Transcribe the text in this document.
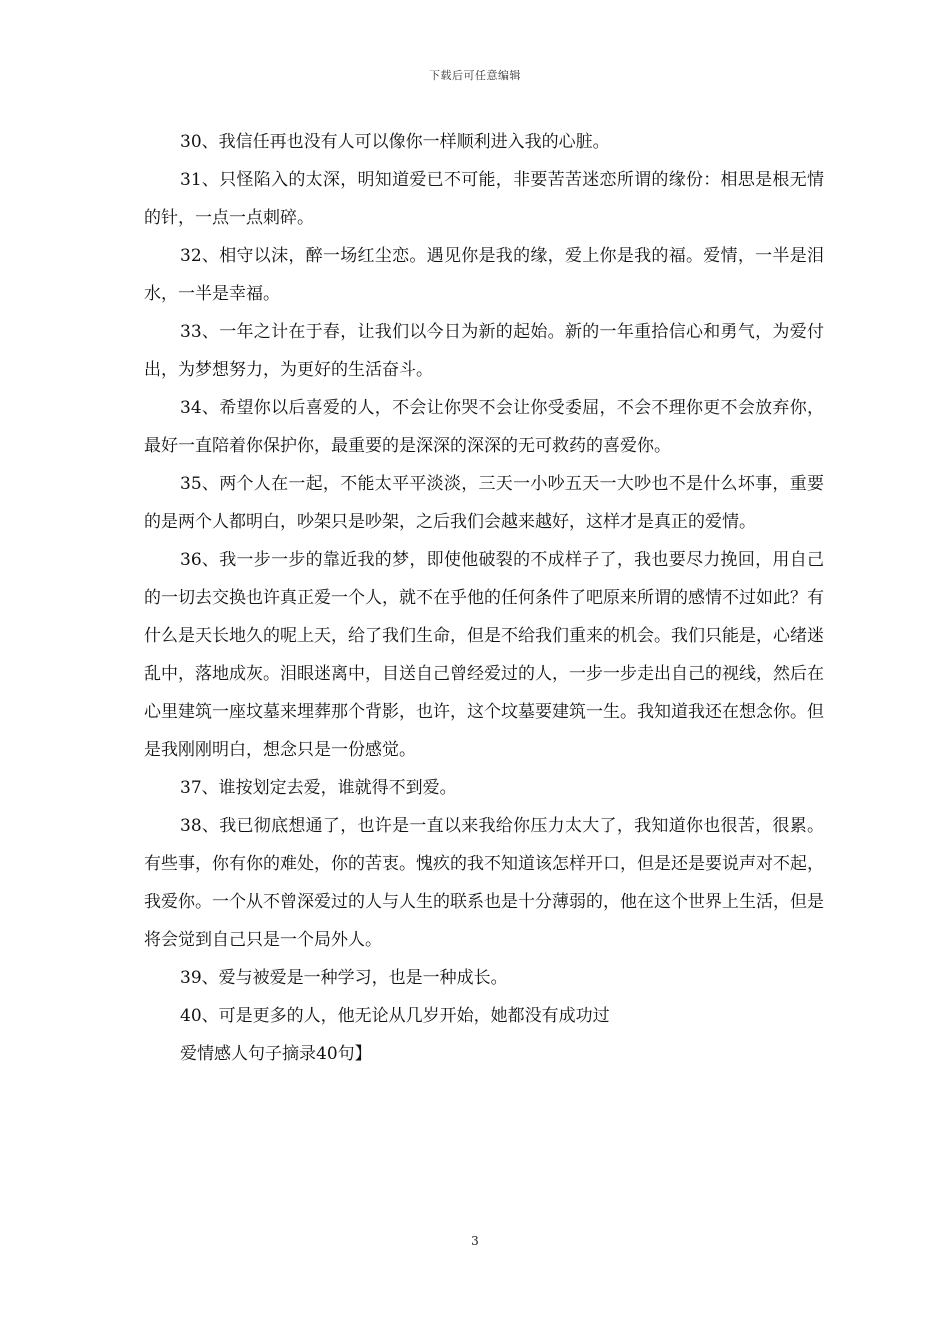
下载后可任意编辑

30、我信任再也没有人可以像你一样顺利进入我的心脏。

31、只怪陷入的太深，明知道爱已不可能，非要苦苦迷恋所谓的缘份：相思是根无情的针，一点一点刺碎。

32、相守以沫，醉一场红尘恋。遇见你是我的缘，爱上你是我的福。爱情，一半是泪水，一半是幸福。

33、一年之计在于春，让我们以今日为新的起始。新的一年重拾信心和勇气，为爱付出，为梦想努力，为更好的生活奋斗。

34、希望你以后喜爱的人，不会让你哭不会让你受委屈，不会不理你更不会放弃你，最好一直陪着你保护你，最重要的是深深的深深的无可救药的喜爱你。

35、两个人在一起，不能太平平淡淡，三天一小吵五天一大吵也不是什么坏事，重要的是两个人都明白，吵架只是吵架，之后我们会越来越好，这样才是真正的爱情。

36、我一步一步的靠近我的梦，即使他破裂的不成样子了，我也要尽力挽回，用自己的一切去交换也许真正爱一个人，就不在乎他的任何条件了吧原来所谓的感情不过如此？有什么是天长地久的呢上天，给了我们生命，但是不给我们重来的机会。我们只能是，心绪迷乱中，落地成灰。泪眼迷离中，目送自己曾经爱过的人，一步一步走出自己的视线，然后在心里建筑一座坟墓来埋葬那个背影，也许，这个坟墓要建筑一生。我知道我还在想念你。但是我刚刚明白，想念只是一份感觉。

37、谁按划定去爱，谁就得不到爱。

38、我已彻底想通了，也许是一直以来我给你压力太大了，我知道你也很苦，很累。有些事，你有你的难处，你的苦衷。愧疚的我不知道该怎样开口，但是还是要说声对不起，我爱你。一个从不曾深爱过的人与人生的联系也是十分薄弱的，他在这个世界上生活，但是将会觉到自己只是一个局外人。

39、爱与被爱是一种学习，也是一种成长。

40、可是更多的人，他无论从几岁开始，她都没有成功过

爱情感人句子摘录40句】

3
